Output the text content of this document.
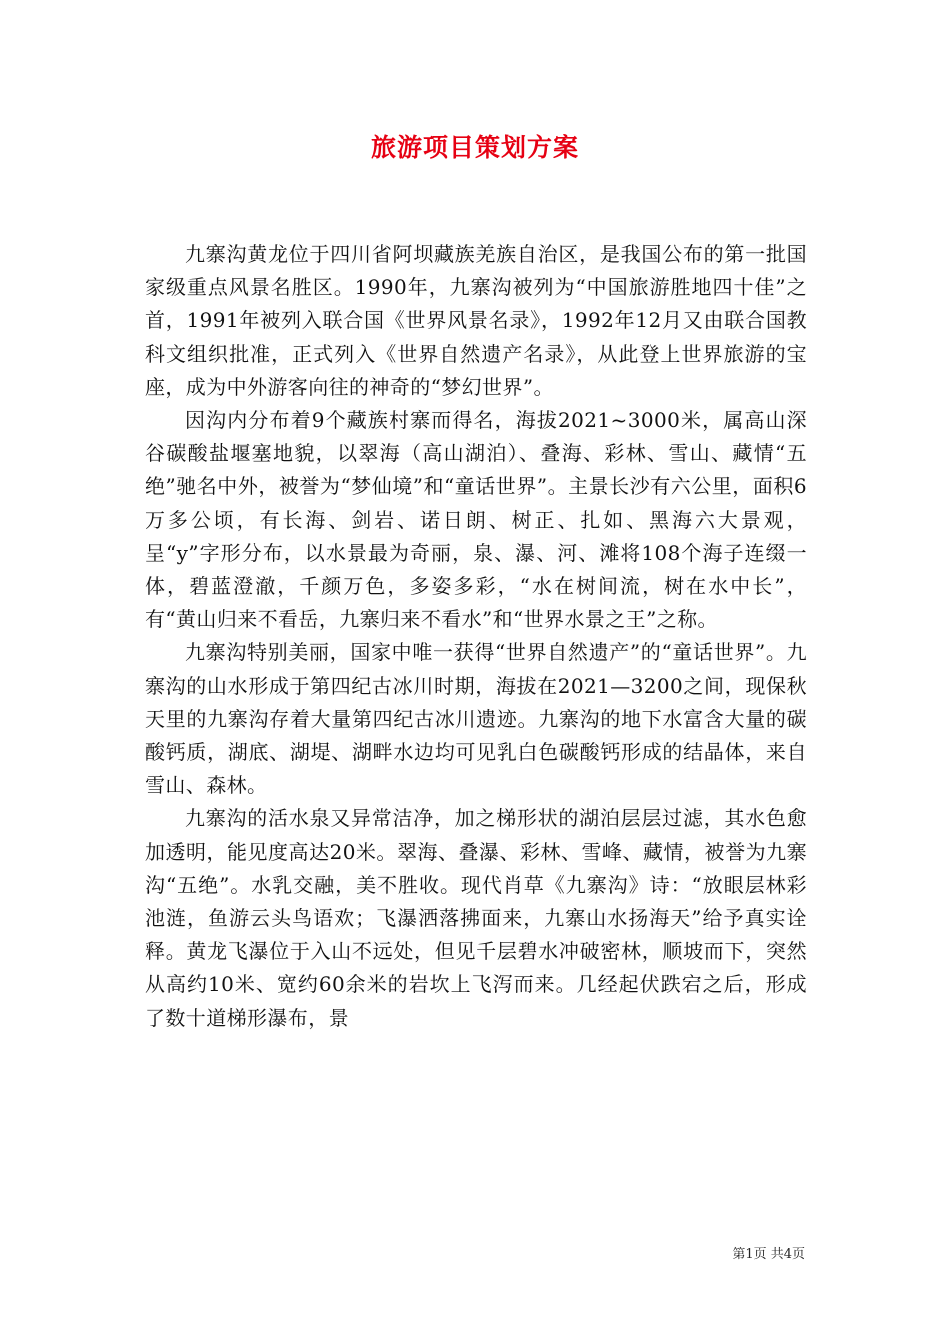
旅游项目策划方案

九寨沟黄龙位于四川省阿坝藏族羌族自治区，是我国公布的第一批国家级重点风景名胜区。1990年，九寨沟被列为“中国旅游胜地四十佳”之首，1991年被列入联合国《世界风景名录》，1992年12月又由联合国教科文组织批准，正式列入《世界自然遗产名录》，从此登上世界旅游的宝座，成为中外游客向往的神奇的“梦幻世界”。

因沟内分布着9个藏族村寨而得名，海拔2021~3000米，属高山深谷碳酸盐堰塞地貌，以翠海（高山湖泊）、叠海、彩林、雪山、藏情“五绝”驰名中外，被誉为“梦仙境”和“童话世界”。主景长沙有六公里，面积6万多公顷，有长海、剑岩、诺日朗、树正、扎如、黑海六大景观，呈“y”字形分布，以水景最为奇丽，泉、瀑、河、滩将108个海子连缀一体，碧蓝澄澈，千颜万色，多姿多彩，“水在树间流，树在水中长”，有“黄山归来不看岳，九寨归来不看水”和“世界水景之王”之称。

九寨沟特别美丽，国家中唯一获得“世界自然遗产”的“童话世界”。九寨沟的山水形成于第四纪古冰川时期，海拔在2021—3200之间，现保秋天里的九寨沟存着大量第四纪古冰川遗迹。九寨沟的地下水富含大量的碳酸钙质，湖底、湖堤、湖畔水边均可见乳白色碳酸钙形成的结晶体，来自雪山、森林。

九寨沟的活水泉又异常洁净，加之梯形状的湖泊层层过滤，其水色愈加透明，能见度高达20米。翠海、叠瀑、彩林、雪峰、藏情，被誉为九寨沟“五绝”。水乳交融，美不胜收。现代肖草《九寨沟》诗：“放眼层林彩池涟，鱼游云头鸟语欢；飞瀑洒落拂面来，九寨山水扬海天”给予真实诠释。黄龙飞瀑位于入山不远处，但见千层碧水冲破密林，顺坡而下，突然从高约10米、宽约60余米的岩坎上飞泻而来。几经起伏跌宕之后，形成了数十道梯形瀑布，景

第1页 共4页
